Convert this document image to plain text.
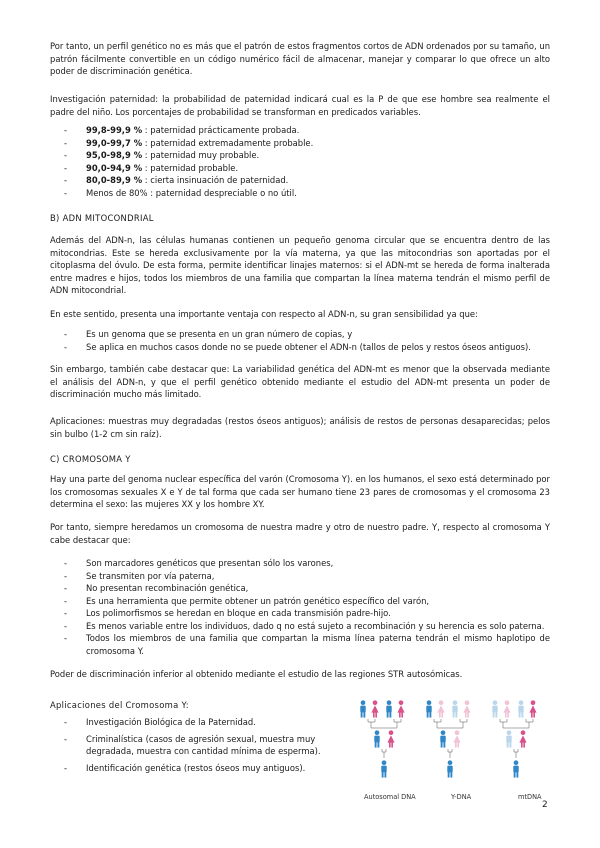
Por tanto, un perfil genético no es más que el patrón de estos fragmentos cortos de ADN ordenados por su tamaño, un patrón fácilmente convertible en un código numérico fácil de almacenar, manejar y comparar lo que ofrece un alto poder de discriminación genética.

Investigación paternidad: la probabilidad de paternidad indicará cual es la P de que ese hombre sea realmente el padre del niño. Los porcentajes de probabilidad se transforman en predicados variables.

- 99,8-99,9 % : paternidad prácticamente probada.
- 99,0-99,7 % : paternidad extremadamente probable.
- 95,0-98,9 % : paternidad muy probable.
- 90,0-94,9 % : paternidad probable.
- 80,0-89,9 % : cierta insinuación de paternidad.
- Menos de 80% : paternidad despreciable o no útil.

B) ADN MITOCONDRIAL

Además del ADN-n, las células humanas contienen un pequeño genoma circular que se encuentra dentro de las mitocondrias. Este se hereda exclusivamente por la vía materna, ya que las mitocondrias son aportadas por el citoplasma del óvulo. De esta forma, permite identificar linajes maternos: si el ADN-mt se hereda de forma inalterada entre madres e hijos, todos los miembros de una familia que compartan la línea materna tendrán el mismo perfil de ADN mitocondrial.

En este sentido, presenta una importante ventaja con respecto al ADN-n, su gran sensibilidad ya que:

- Es un genoma que se presenta en un gran número de copias, y
- Se aplica en muchos casos donde no se puede obtener el ADN-n (tallos de pelos y restos óseos antiguos).

Sin embargo, también cabe destacar que: La variabilidad genética del ADN-mt es menor que la observada mediante el análisis del ADN-n, y que el perfil genético obtenido mediante el estudio del ADN-mt presenta un poder de discriminación mucho más limitado.

Aplicaciones: muestras muy degradadas (restos óseos antiguos); análisis de restos de personas desaparecidas; pelos sin bulbo (1-2 cm sin raíz).

C) CROMOSOMA Y

Hay una parte del genoma nuclear específica del varón (Cromosoma Y). en los humanos, el sexo está determinado por los cromosomas sexuales X e Y de tal forma que cada ser humano tiene 23 pares de cromosomas y el cromosoma 23 determina el sexo: las mujeres XX y los hombre XY.

Por tanto, siempre heredamos un cromosoma de nuestra madre y otro de nuestro padre. Y, respecto al cromosoma Y cabe destacar que:

- Son marcadores genéticos que presentan sólo los varones,
- Se transmiten por vía paterna,
- No presentan recombinación genética,
- Es una herramienta que permite obtener un patrón genético específico del varón,
- Los polimorfismos se heredan en bloque en cada transmisión padre-hijo.
- Es menos variable entre los individuos, dado q no está sujeto a recombinación y su herencia es solo paterna.
- Todos los miembros de una familia que compartan la misma línea paterna tendrán el mismo haplotipo de cromosoma Y.

Poder de discriminación inferior al obtenido mediante el estudio de las regiones STR autosómicas.

Aplicaciones del Cromosoma Y:

- Investigación Biológica de la Paternidad.
- Criminalística (casos de agresión sexual, muestra muy degradada, muestra con cantidad mínima de esperma).
- Identificación genética (restos óseos muy antiguos).
Autosomal DNA	Y-DNA	mtDNA
2
